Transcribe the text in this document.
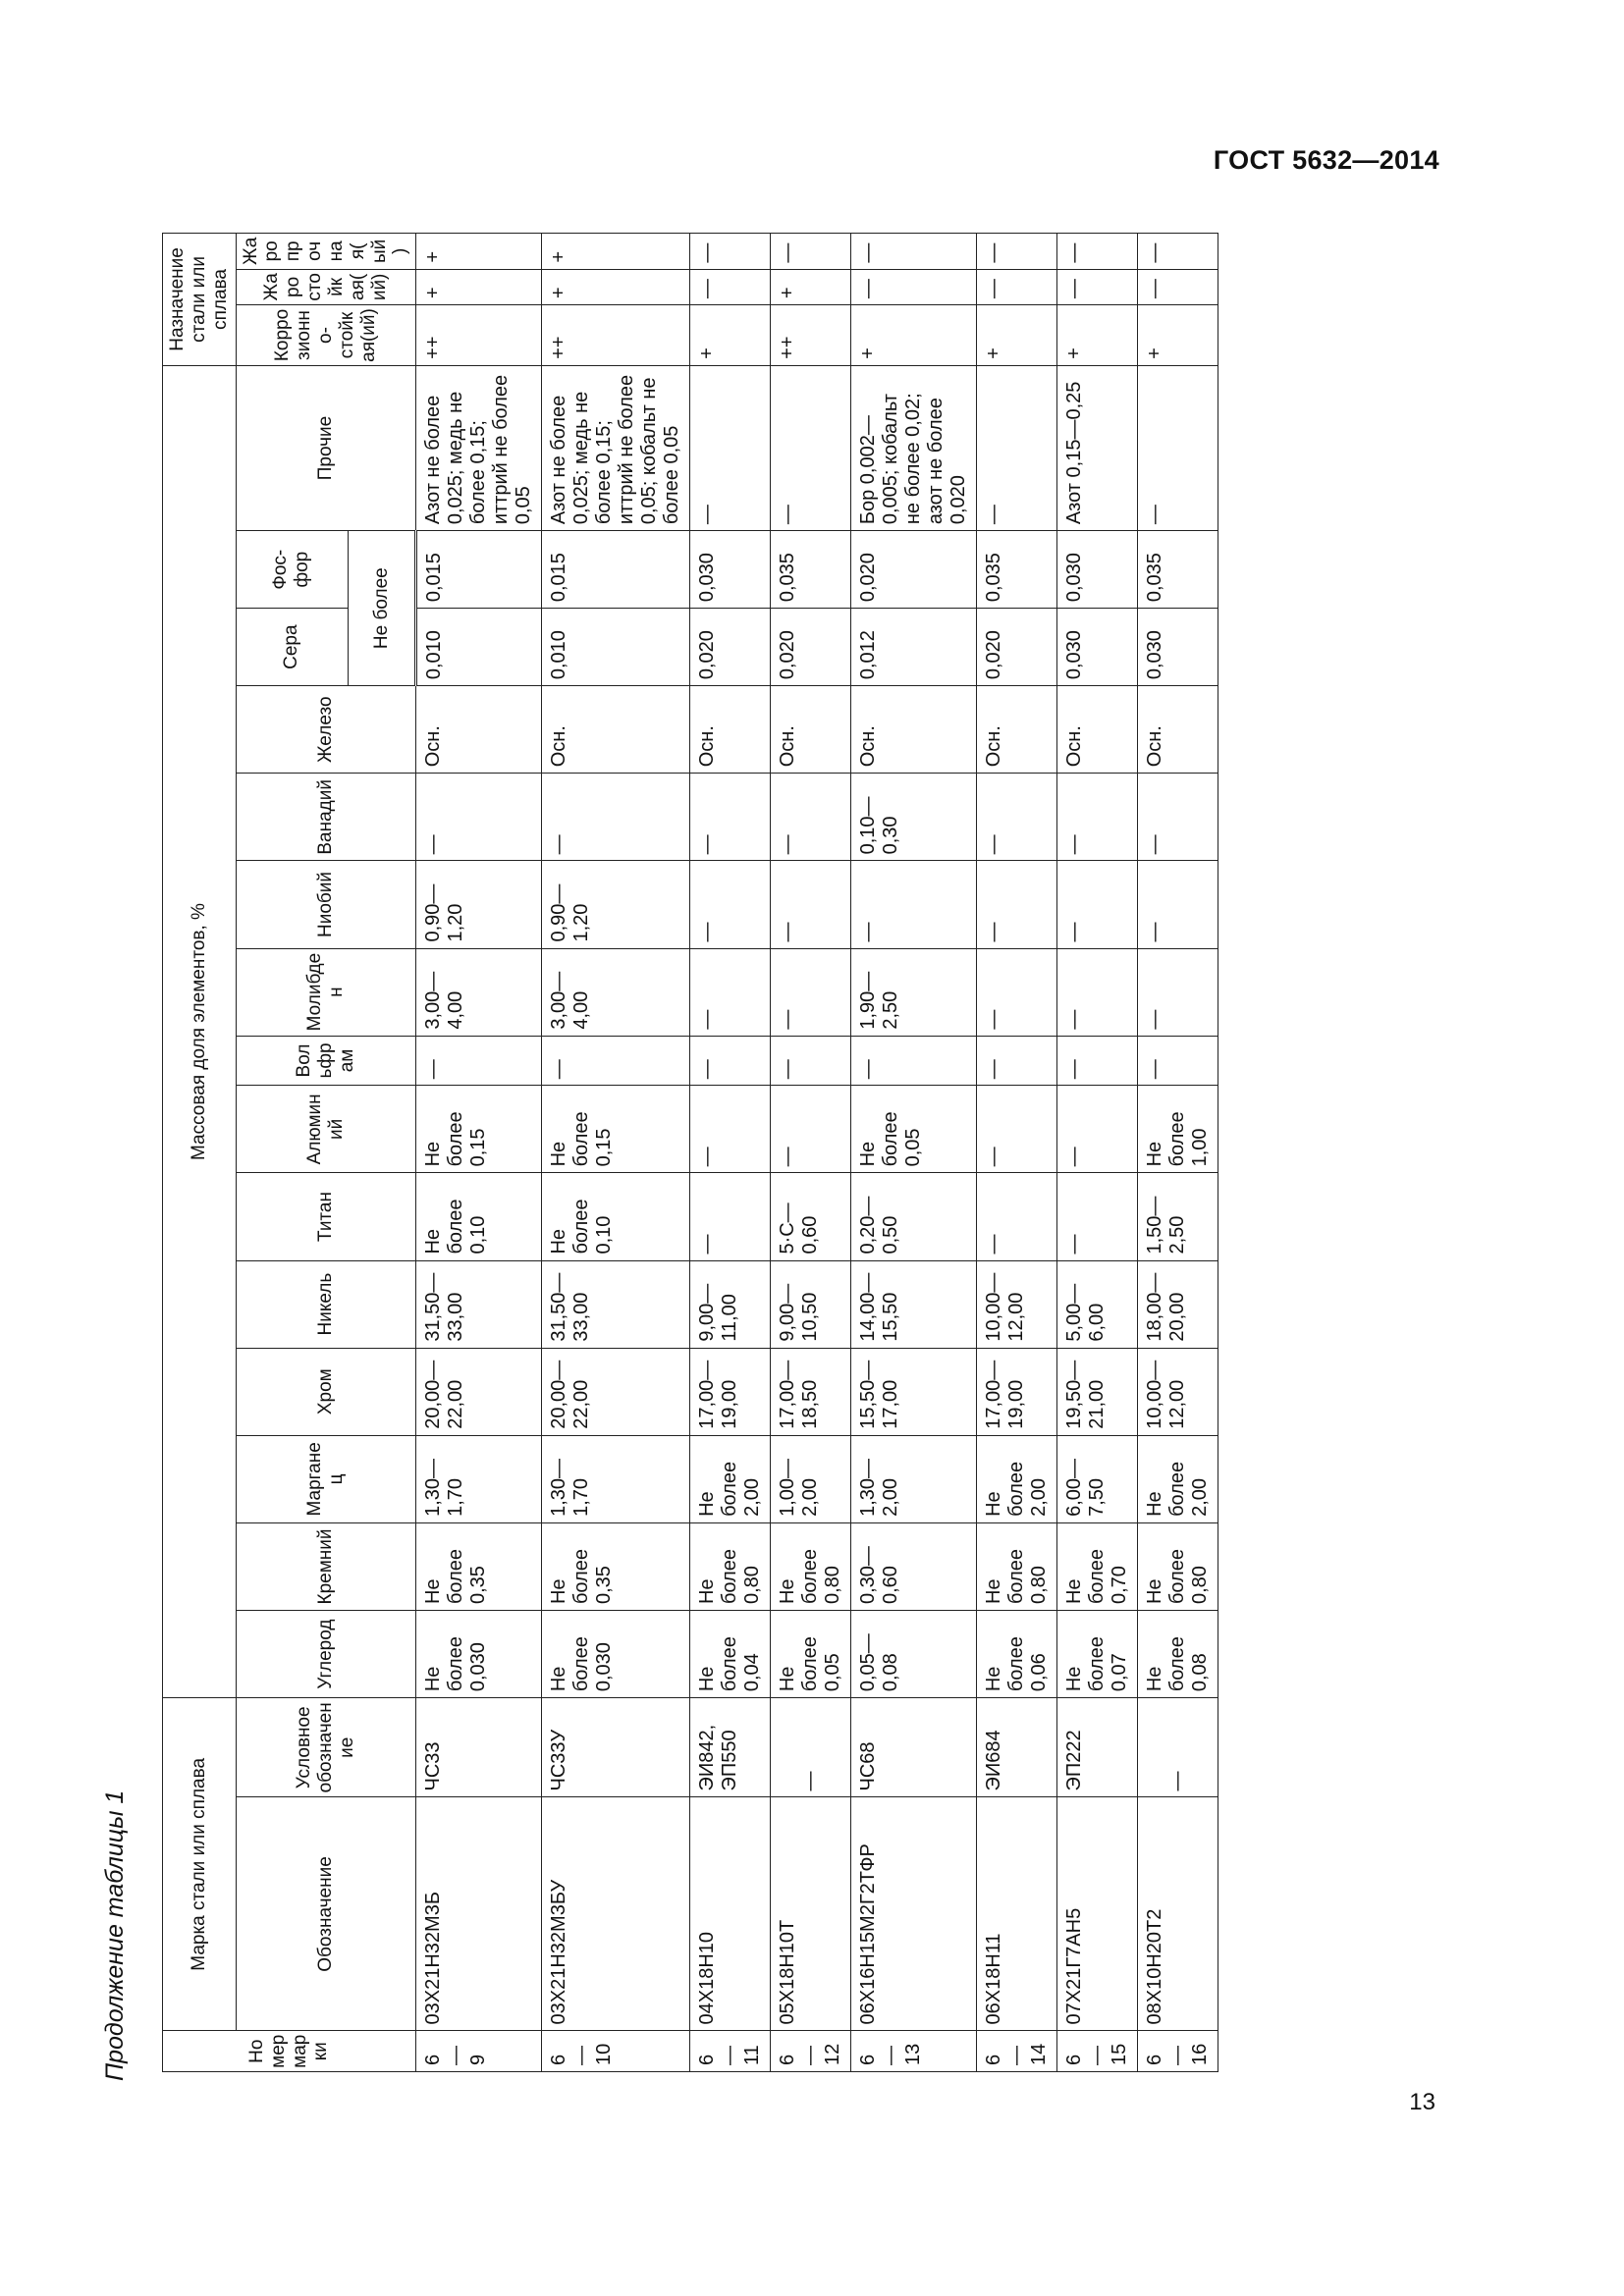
ГОСТ 5632—2014
Продолжение таблицы 1
13
Номер марки	Марка стали или сплава		Массовая доля элементов, %															Назначение стали или сплава		
	Обозначение	Условное обозначение	Углерод	Кремний	Марганец	Хром	Никель	Титан	Алюминий	Вольфрам	Молибден	Ниобий	Ванадий	Железо	Сера	Фос-фор	Прочие	Коррозионно-стойкая(ий)	Жаростойкая(ий)	Жаропрочная(ый)
															Не более					
6—9	03Х21Н32М3Б	ЧС33	Не более 0,030	Не более 0,35	1,30—1,70	20,00—22,00	31,50—33,00	Не более 0,10	Не более 0,15	—	3,00—4,00	0,90—1,20	—	Осн.	0,010	0,015	Азот не более 0,025; медь не более 0,15; иттрий не более 0,05	++	+	+
6—10	03Х21Н32М3БУ	ЧС33У	Не более 0,030	Не более 0,35	1,30—1,70	20,00—22,00	31,50—33,00	Не более 0,10	Не более 0,15	—	3,00—4,00	0,90—1,20	—	Осн.	0,010	0,015	Азот не более 0,025; медь не более 0,15; иттрий не более 0,05; кобальт не более 0,05	++	+	+
6—11	04Х18Н10	ЭИ842, ЭП550	Не более 0,04	Не более 0,80	Не более 2,00	17,00—19,00	9,00—11,00	—	—	—	—	—	—	Осн.	0,020	0,030	—	+	—	—
6—12	05Х18Н10Т	—	Не более 0,05	Не более 0,80	1,00—2,00	17,00—18,50	9,00—10,50	5·С—0,60	—	—	—	—	—	Осн.	0,020	0,035	—	++	+	—
6—13	06Х16Н15М2Г2ТФР	ЧС68	0,05—0,08	0,30—0,60	1,30—2,00	15,50—17,00	14,00—15,50	0,20—0,50	Не более 0,05	—	1,90—2,50	—	0,10—0,30	Осн.	0,012	0,020	Бор 0,002—0,005; кобальт не более 0,02; азот не более 0,020	+	—	—
6—14	06Х18Н11	ЭИ684	Не более 0,06	Не более 0,80	Не более 2,00	17,00—19,00	10,00—12,00	—	—	—	—	—	—	Осн.	0,020	0,035	—	+	—	—
6—15	07Х21Г7АН5	ЭП222	Не более 0,07	Не более 0,70	6,00—7,50	19,50—21,00	5,00—6,00	—	—	—	—	—	—	Осн.	0,030	0,030	Азот 0,15—0,25	+	—	—
6—16	08Х10Н20Т2	—	Не более 0,08	Не более 0,80	Не более 2,00	10,00—12,00	18,00—20,00	1,50—2,50	Не более 1,00	—	—	—	—	Осн.	0,030	0,035	—	+	—	—
